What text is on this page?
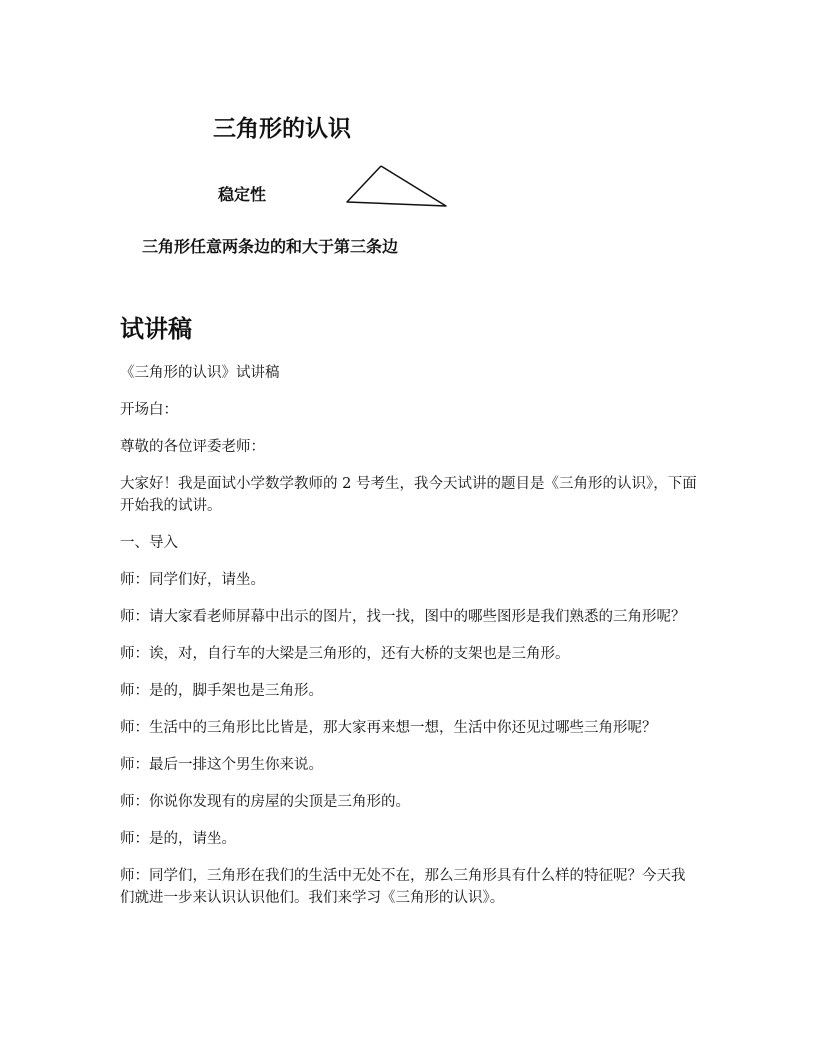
三角形的认识
稳定性
三角形任意两条边的和大于第三条边
试讲稿

《三角形的认识》试讲稿

开场白：

尊敬的各位评委老师：

大家好！我是面试小学数学教师的 2 号考生，我今天试讲的题目是《三角形的认识》，下面开始我的试讲。

一、导入

师：同学们好，请坐。

师：请大家看老师屏幕中出示的图片，找一找，图中的哪些图形是我们熟悉的三角形呢？

师：诶，对，自行车的大梁是三角形的，还有大桥的支架也是三角形。

师：是的，脚手架也是三角形。

师：生活中的三角形比比皆是，那大家再来想一想，生活中你还见过哪些三角形呢？

师：最后一排这个男生你来说。

师：你说你发现有的房屋的尖顶是三角形的。

师：是的，请坐。

师：同学们，三角形在我们的生活中无处不在，那么三角形具有什么样的特征呢？今天我们就进一步来认识认识他们。我们来学习《三角形的认识》。
